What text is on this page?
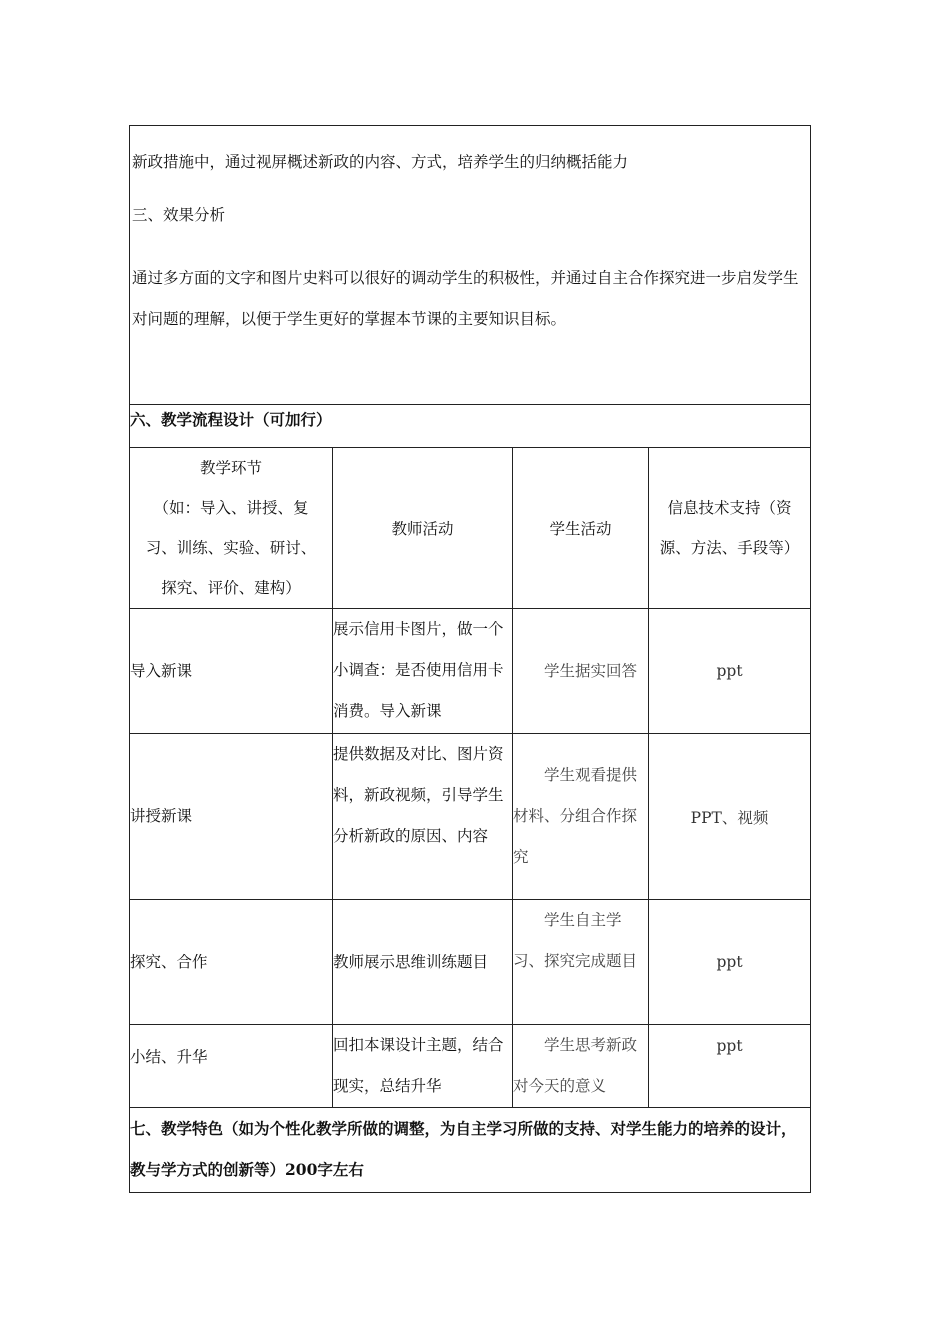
新政措施中，通过视屏概述新政的内容、方式，培养学生的归纳概括能力

三、效果分析

通过多方面的文字和图片史料可以很好的调动学生的积极性，并通过自主合作探究进一步启发学生对问题的理解，以便于学生更好的掌握本节课的主要知识目标。			

六、教学流程设计（可加行）			

教学环节
（如：导入、讲授、复
习、训练、实验、研讨、
探究、评价、建构）	教师活动	学生活动	信息技术支持（资源、方法、手段等）
导入新课	展示信用卡图片，做一个小调查：是否使用信用卡消费。导入新课	学生据实回答	ppt
讲授新课	提供数据及对比、图片资料，新政视频，引导学生分析新政的原因、内容	学生观看提供材料、分组合作探究	PPT、视频
探究、合作	教师展示思维训练题目	学生自主学习、探究完成题目	ppt
小结、升华	回扣本课设计主题，结合现实，总结升华	学生思考新政对今天的意义	ppt
七、教学特色（如为个性化教学所做的调整，为自主学习所做的支持、对学生能力的培养的设计，教与学方式的创新等）200字左右			
